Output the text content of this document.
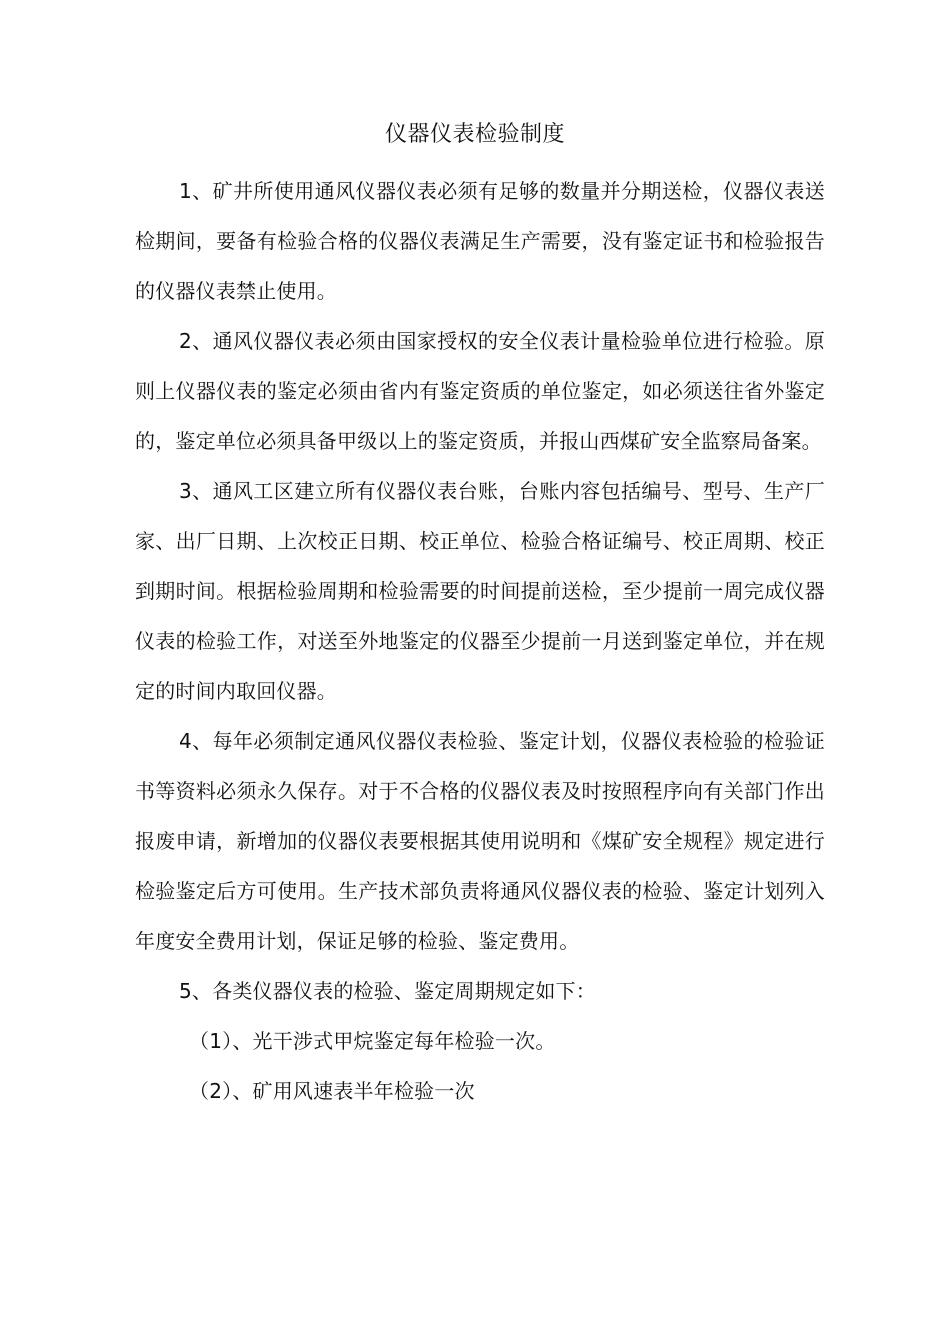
仪器仪表检验制度

1、矿井所使用通风仪器仪表必须有足够的数量并分期送检，仪器仪表送检期间，要备有检验合格的仪器仪表满足生产需要，没有鉴定证书和检验报告的仪器仪表禁止使用。

2、通风仪器仪表必须由国家授权的安全仪表计量检验单位进行检验。原则上仪器仪表的鉴定必须由省内有鉴定资质的单位鉴定，如必须送往省外鉴定的，鉴定单位必须具备甲级以上的鉴定资质，并报山西煤矿安全监察局备案。

3、通风工区建立所有仪器仪表台账，台账内容包括编号、型号、生产厂家、出厂日期、上次校正日期、校正单位、检验合格证编号、校正周期、校正到期时间。根据检验周期和检验需要的时间提前送检，至少提前一周完成仪器仪表的检验工作，对送至外地鉴定的仪器至少提前一月送到鉴定单位，并在规定的时间内取回仪器。

4、每年必须制定通风仪器仪表检验、鉴定计划，仪器仪表检验的检验证书等资料必须永久保存。对于不合格的仪器仪表及时按照程序向有关部门作出报废申请，新增加的仪器仪表要根据其使用说明和《煤矿安全规程》规定进行检验鉴定后方可使用。生产技术部负责将通风仪器仪表的检验、鉴定计划列入年度安全费用计划，保证足够的检验、鉴定费用。

5、各类仪器仪表的检验、鉴定周期规定如下：

（1）、光干涉式甲烷鉴定每年检验一次。

（2）、矿用风速表半年检验一次
